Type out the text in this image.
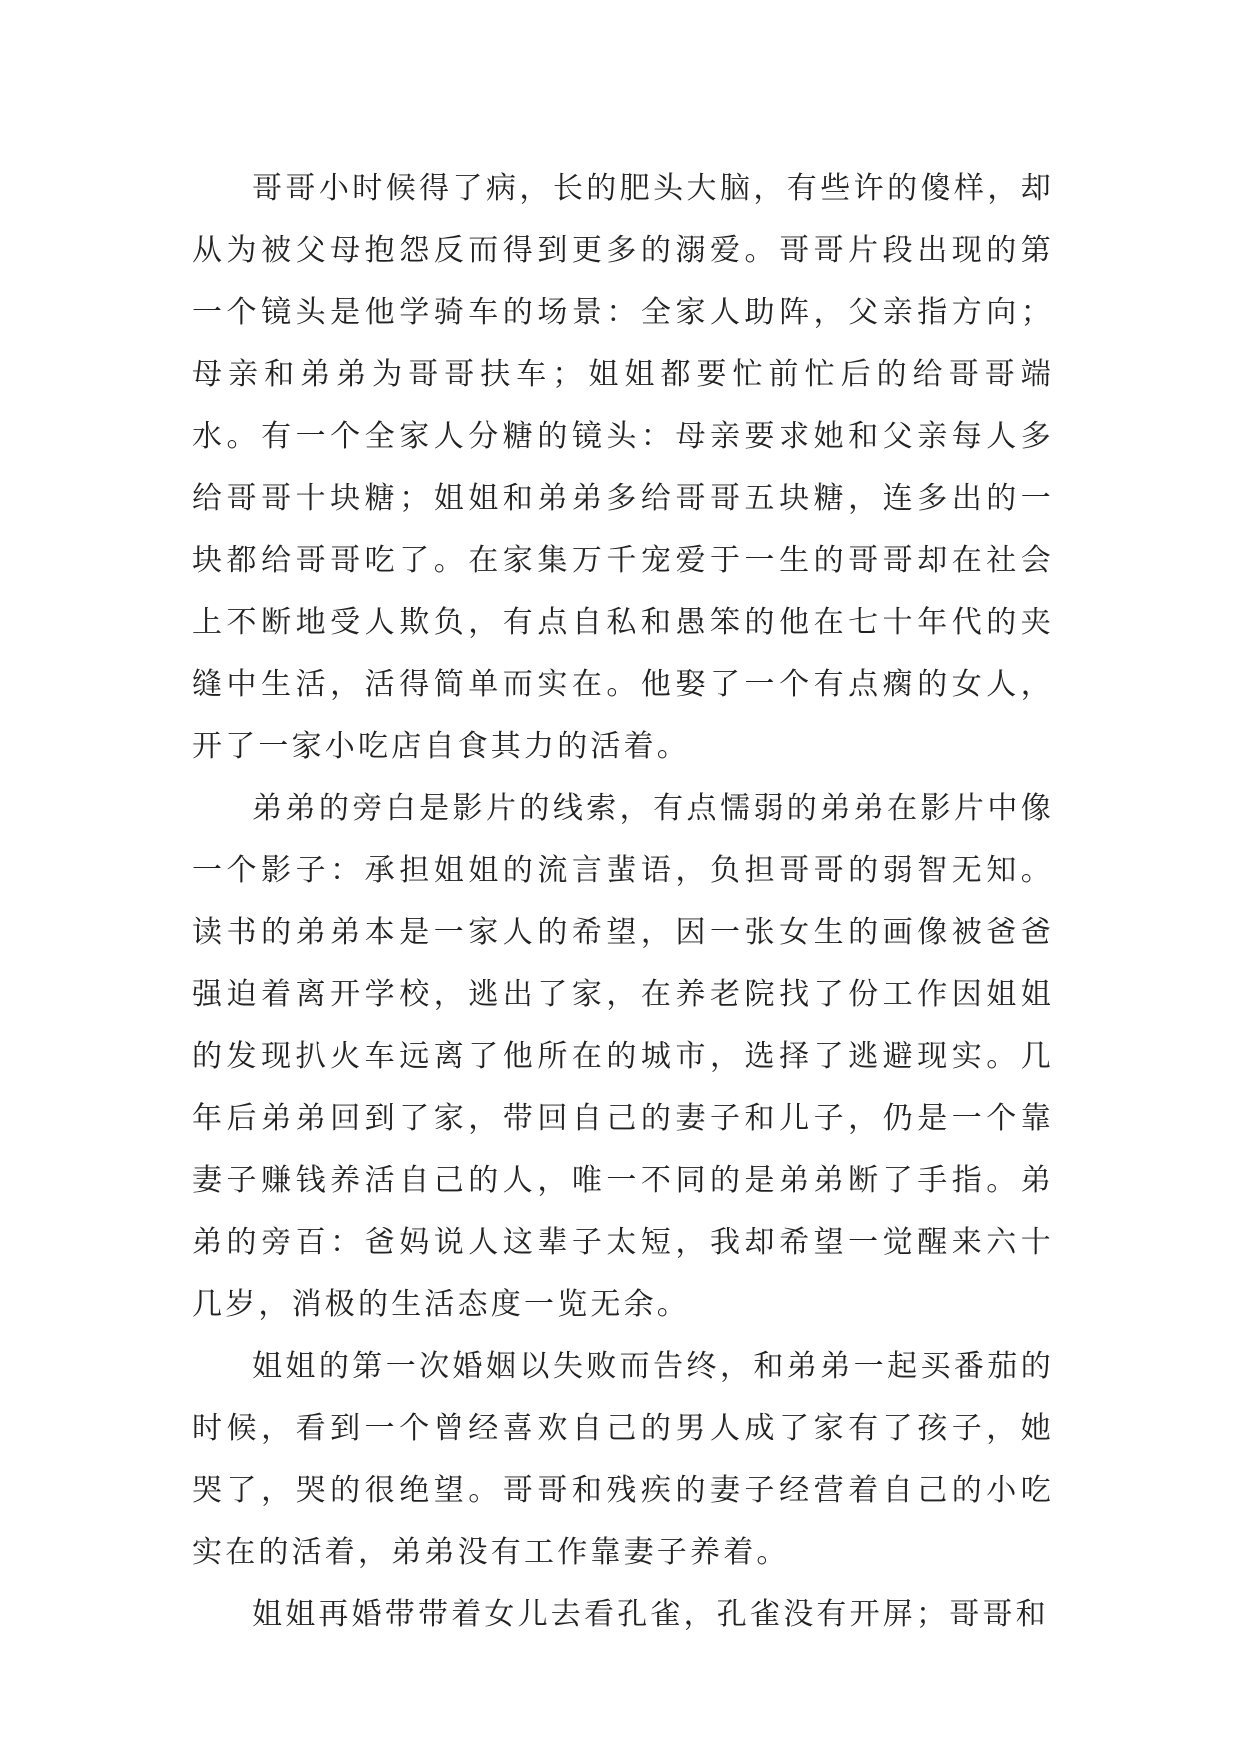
哥哥小时候得了病，长的肥头大脑，有些许的傻样，却从为被父母抱怨反而得到更多的溺爱。哥哥片段出现的第一个镜头是他学骑车的场景：全家人助阵，父亲指方向；母亲和弟弟为哥哥扶车；姐姐都要忙前忙后的给哥哥端水。有一个全家人分糖的镜头：母亲要求她和父亲每人多给哥哥十块糖；姐姐和弟弟多给哥哥五块糖，连多出的一块都给哥哥吃了。在家集万千宠爱于一生的哥哥却在社会上不断地受人欺负，有点自私和愚笨的他在七十年代的夹缝中生活，活得简单而实在。他娶了一个有点瘸的女人，开了一家小吃店自食其力的活着。

弟弟的旁白是影片的线索，有点懦弱的弟弟在影片中像一个影子：承担姐姐的流言蜚语，负担哥哥的弱智无知。读书的弟弟本是一家人的希望，因一张女生的画像被爸爸强迫着离开学校，逃出了家，在养老院找了份工作因姐姐的发现扒火车远离了他所在的城市，选择了逃避现实。几年后弟弟回到了家，带回自己的妻子和儿子，仍是一个靠妻子赚钱养活自己的人，唯一不同的是弟弟断了手指。弟弟的旁百：爸妈说人这辈子太短，我却希望一觉醒来六十几岁，消极的生活态度一览无余。

姐姐的第一次婚姻以失败而告终，和弟弟一起买番茄的时候，看到一个曾经喜欢自己的男人成了家有了孩子，她哭了，哭的很绝望。哥哥和残疾的妻子经营着自己的小吃实在的活着，弟弟没有工作靠妻子养着。

姐姐再婚带带着女儿去看孔雀，孔雀没有开屏；哥哥和
